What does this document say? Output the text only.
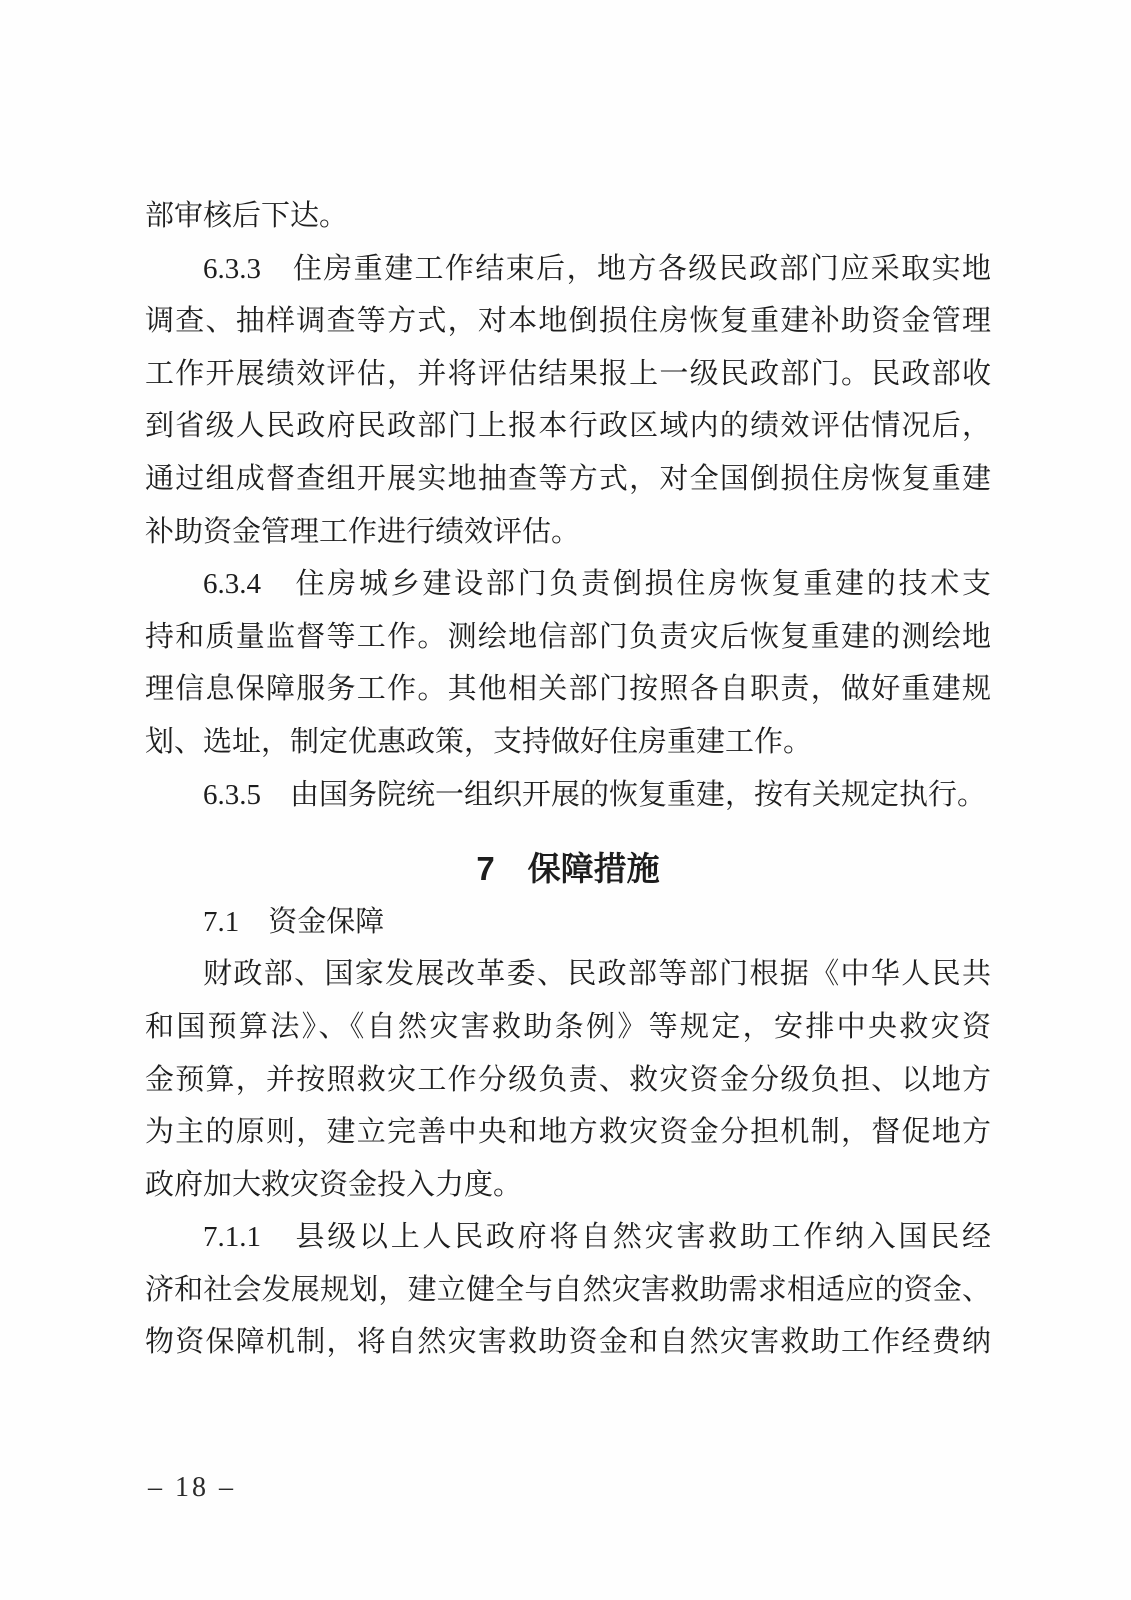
部审核后下达。
6.3.3　住房重建工作结束后，地方各级民政部门应采取实地
调查、抽样调查等方式，对本地倒损住房恢复重建补助资金管理
工作开展绩效评估，并将评估结果报上一级民政部门。民政部收
到省级人民政府民政部门上报本行政区域内的绩效评估情况后，
通过组成督查组开展实地抽查等方式，对全国倒损住房恢复重建
补助资金管理工作进行绩效评估。
6.3.4　住房城乡建设部门负责倒损住房恢复重建的技术支
持和质量监督等工作。测绘地信部门负责灾后恢复重建的测绘地
理信息保障服务工作。其他相关部门按照各自职责，做好重建规
划、选址，制定优惠政策，支持做好住房重建工作。
6.3.5　由国务院统一组织开展的恢复重建，按有关规定执行。
7　保障措施
7.1　资金保障
财政部、国家发展改革委、民政部等部门根据《中华人民共
和国预算法》、《自然灾害救助条例》等规定，安排中央救灾资
金预算，并按照救灾工作分级负责、救灾资金分级负担、以地方
为主的原则，建立完善中央和地方救灾资金分担机制，督促地方
政府加大救灾资金投入力度。
7.1.1　县级以上人民政府将自然灾害救助工作纳入国民经
济和社会发展规划，建立健全与自然灾害救助需求相适应的资金、
物资保障机制，将自然灾害救助资金和自然灾害救助工作经费纳
– 18 –
